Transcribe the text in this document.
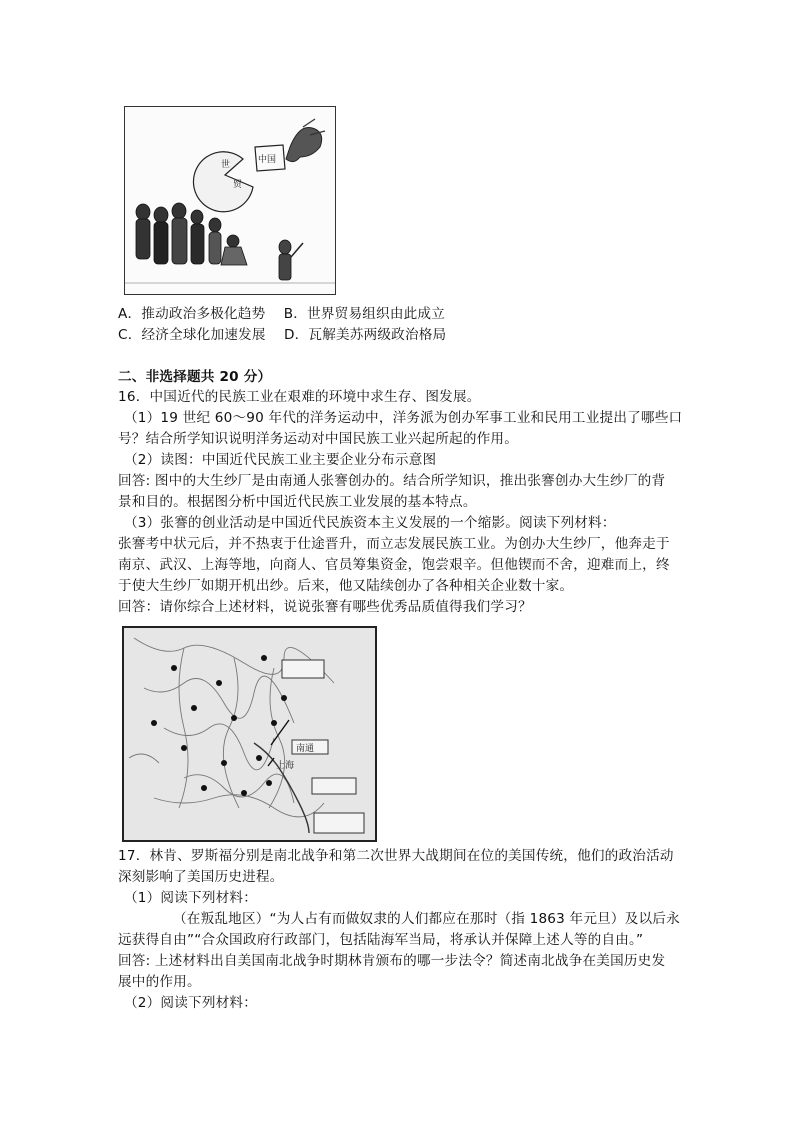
世
贸
中国
A．推动政治多极化趋势　 B．世界贸易组织由此成立
C．经济全球化加速发展　 D．瓦解美苏两级政治格局
二、非选择题共 20 分）
16．中国近代的民族工业在艰难的环境中求生存、图发展。
（1）19 世纪 60～90 年代的洋务运动中，洋务派为创办军事工业和民用工业提出了哪些口
号？结合所学知识说明洋务运动对中国民族工业兴起所起的作用。
（2）读图：中国近代民族工业主要企业分布示意图
回答: 图中的大生纱厂是由南通人张謇创办的。结合所学知识，推出张謇创办大生纱厂的背
景和目的。根据图分析中国近代民族工业发展的基本特点。
（3）张謇的创业活动是中国近代民族资本主义发展的一个缩影。阅读下列材料：
张謇考中状元后，并不热衷于仕途晋升，而立志发展民族工业。为创办大生纱厂，他奔走于
南京、武汉、上海等地，向商人、官员筹集资金，饱尝艰辛。但他锲而不舍，迎难而上，终
于使大生纱厂如期开机出纱。后来，他又陆续创办了各种相关企业数十家。
回答：请你综合上述材料，说说张謇有哪些优秀品质值得我们学习？
上海
南通
17．林肯、罗斯福分别是南北战争和第二次世界大战期间在位的美国传统，他们的政治活动
深刻影响了美国历史进程。
（1）阅读下列材料：
（在叛乱地区）“为人占有而做奴隶的人们都应在那时（指 1863 年元旦）及以后永
远获得自由”“合众国政府行政部门，包括陆海军当局，将承认并保障上述人等的自由。”
回答: 上述材料出自美国南北战争时期林肯颁布的哪一步法令？简述南北战争在美国历史发
展中的作用。
（2）阅读下列材料：
